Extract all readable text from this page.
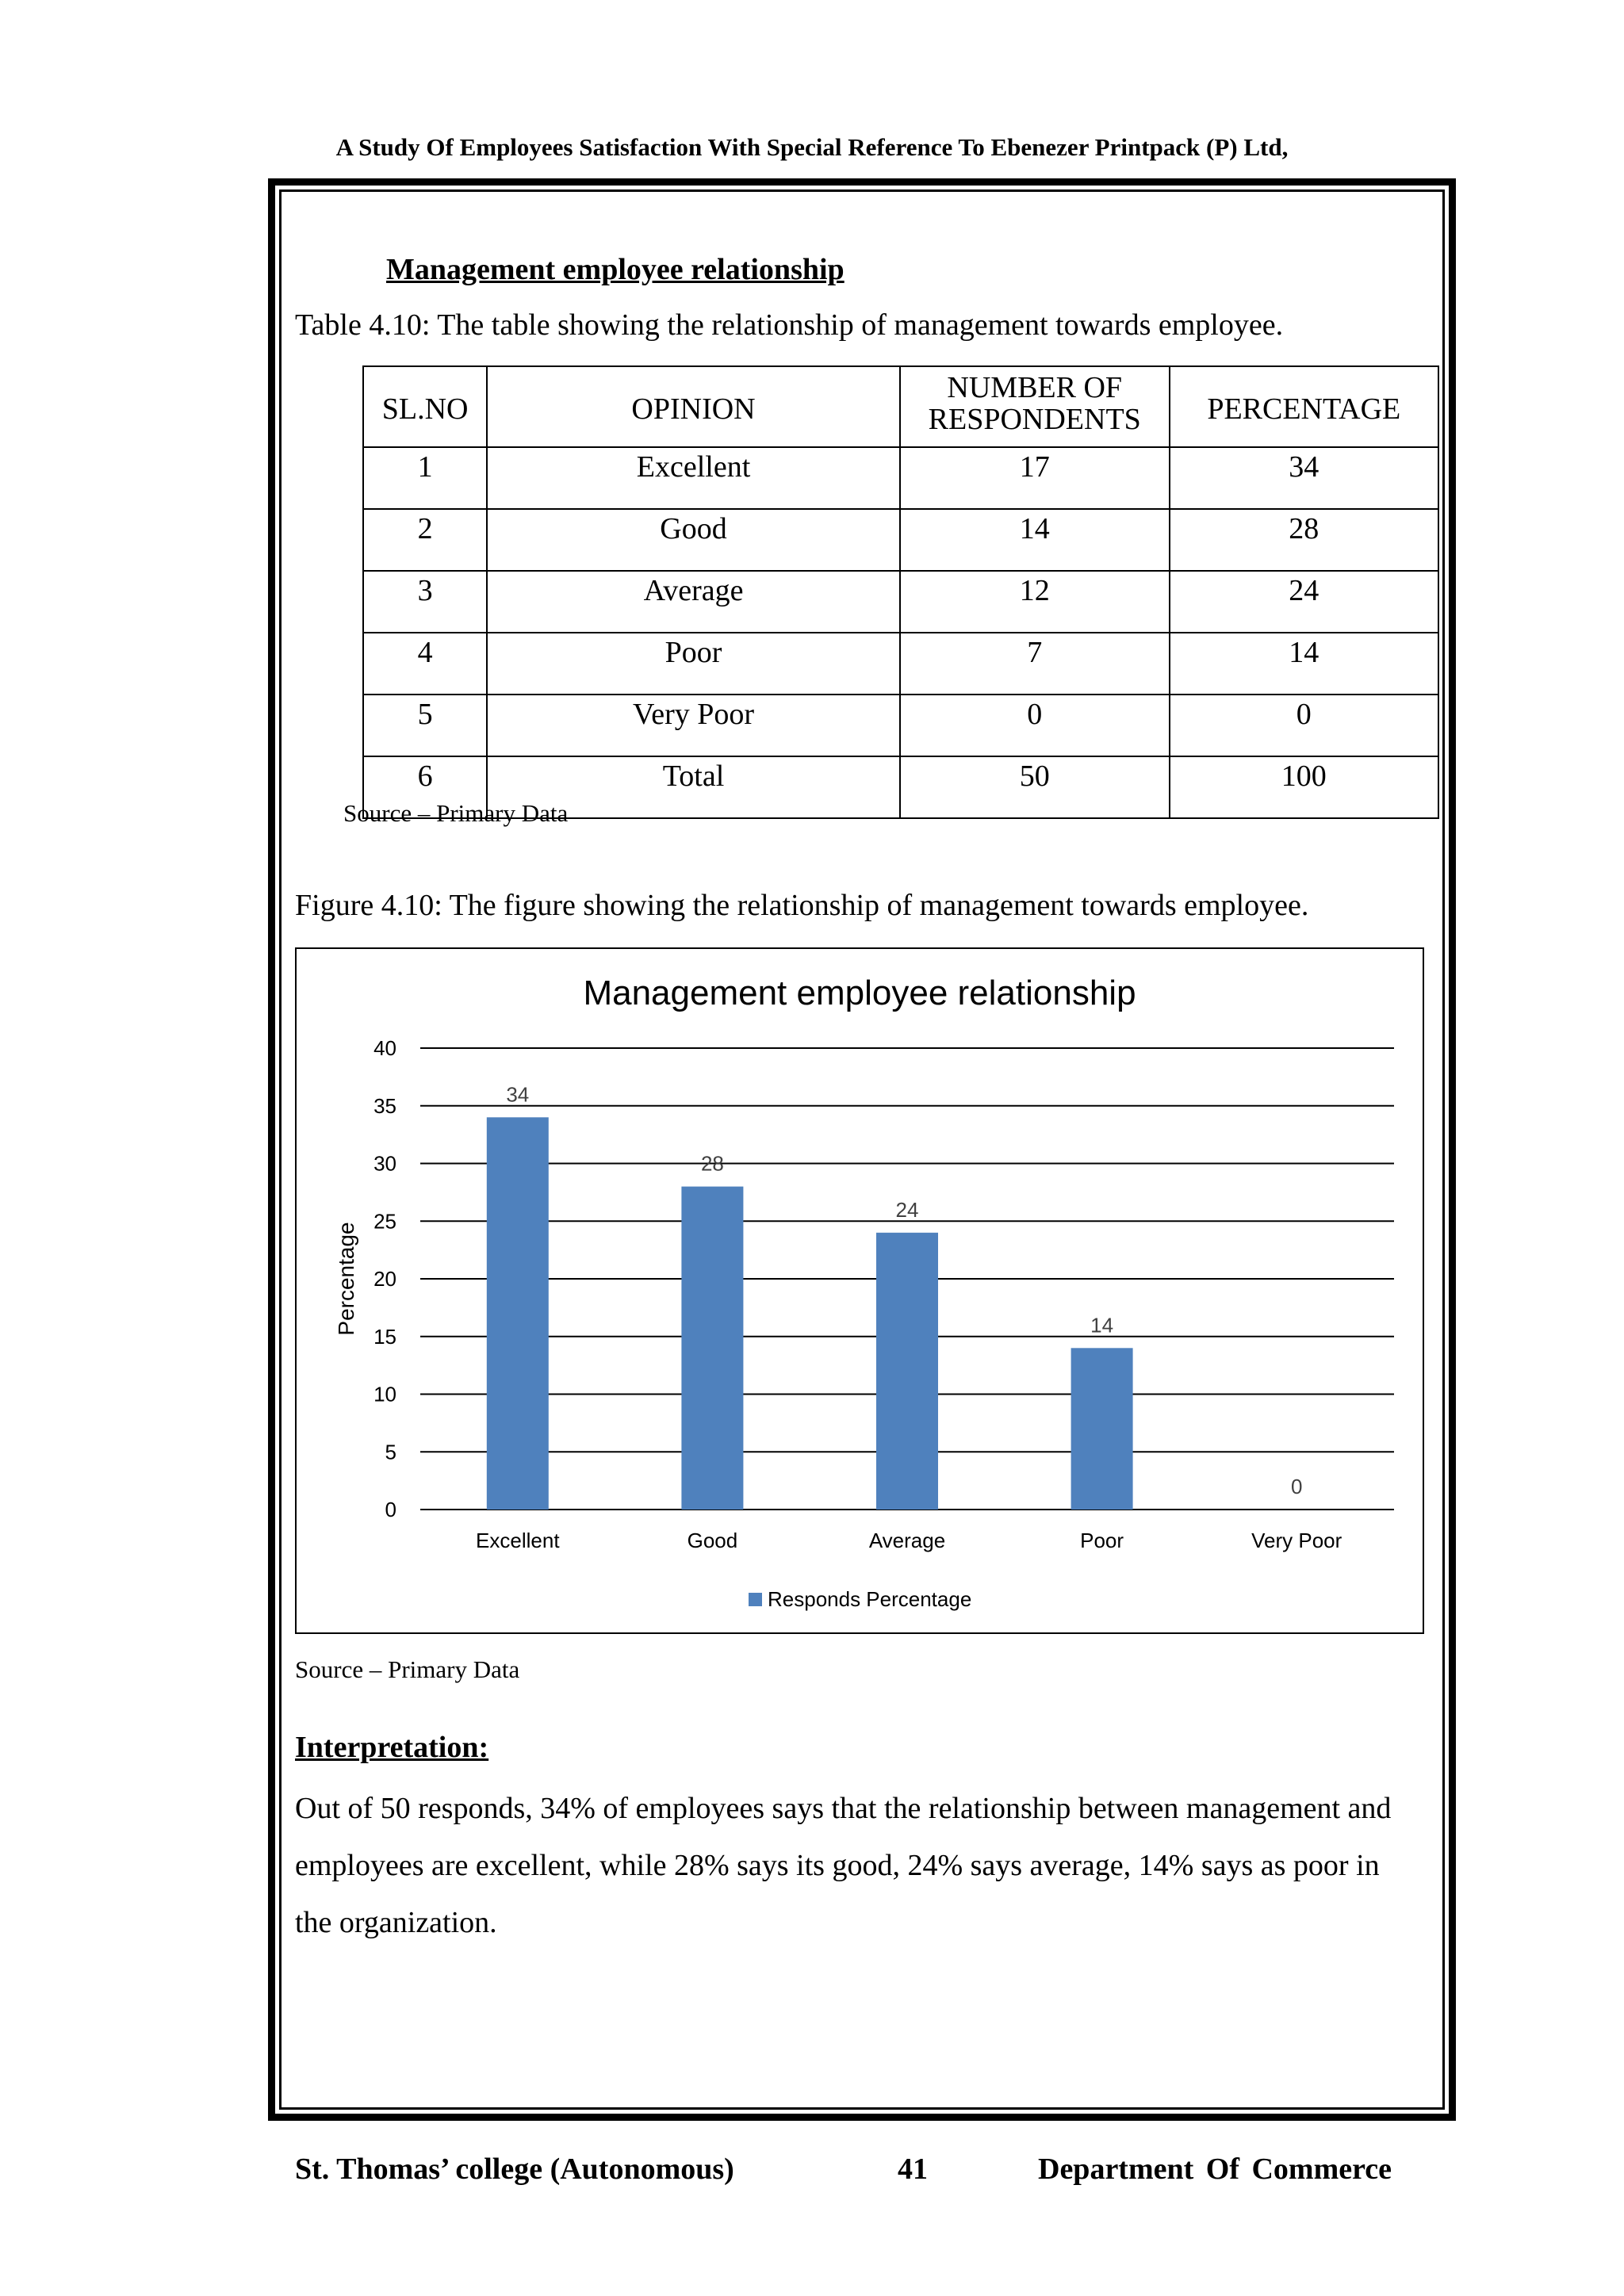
A Study Of Employees Satisfaction With Special Reference To Ebenezer Printpack (P) Ltd,
Management employee relationship
Table 4.10: The table showing the relationship of management towards employee.
SL.NO	OPINION	NUMBER OF RESPONDENTS	PERCENTAGE
1	Excellent	17	34
2	Good	14	28
3	Average	12	24
4	Poor	7	14
5	Very Poor	0	0
6	Total	50	100
Source – Primary Data
Figure 4.10: The figure showing the relationship of management towards employee.
Management employee relationship
0
5
10
15
20
25
30
35
40
Percentage
34
Excellent
28
Good
24
Average
14
Poor
0
Very Poor
Responds Percentage
Source – Primary Data
Interpretation:
Out of 50 responds, 34% of employees says that the relationship between management and employees are excellent, while 28% says its good, 24% says average, 14% says as poor in the organization.
St. Thomas’ college (Autonomous)	41	Department Of Commerce
